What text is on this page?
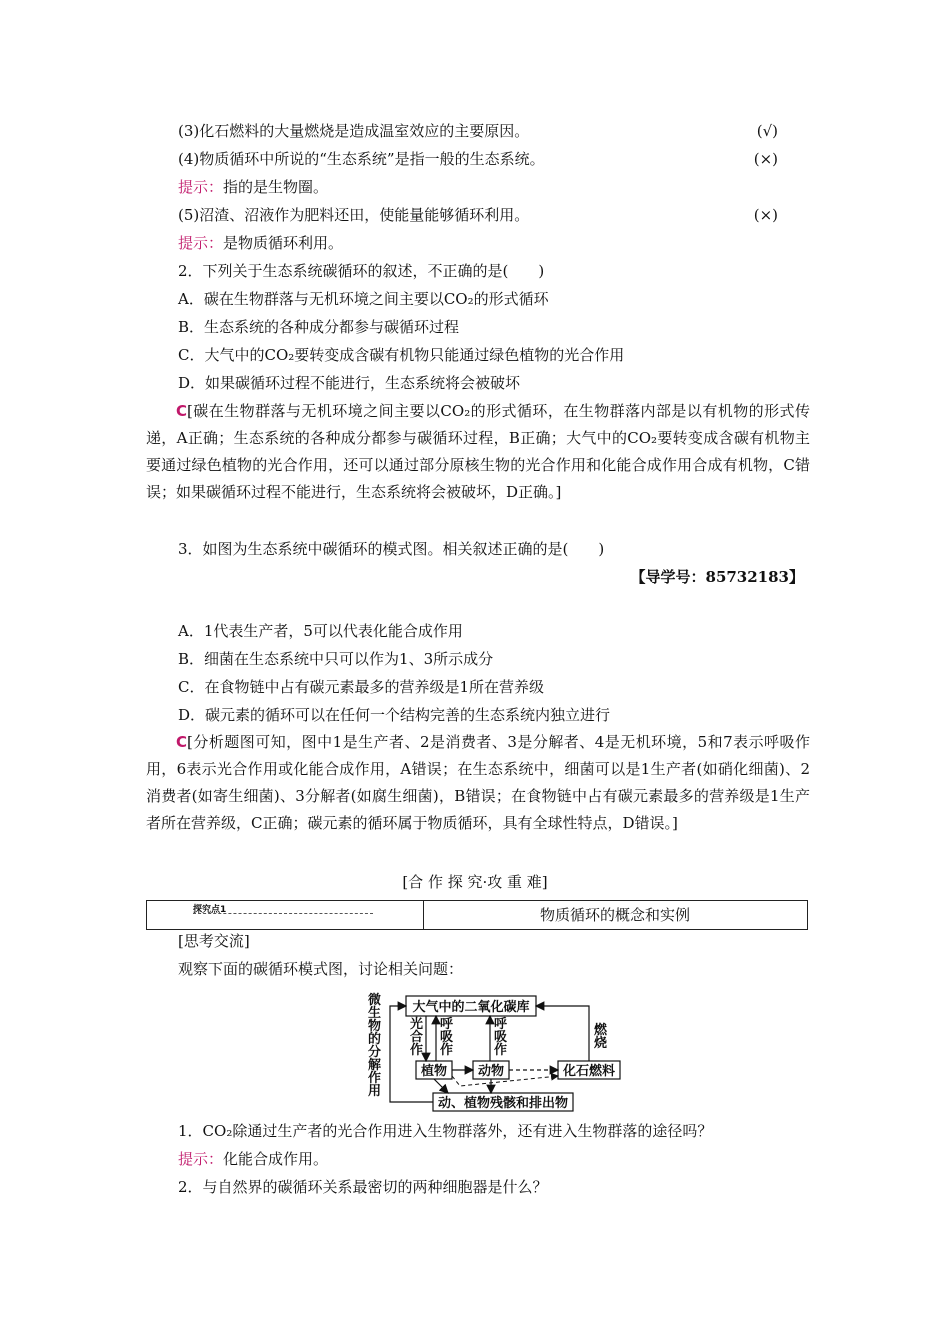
(3)化石燃料的大量燃烧是造成温室效应的主要原因。	(√)
(4)物质循环中所说的“生态系统”是指一般的生态系统。	(×)
提示：指的是生物圈。
(5)沼渣、沼液作为肥料还田，使能量能够循环利用。	(×)
提示：是物质循环利用。
2．下列关于生态系统碳循环的叙述，不正确的是(　　)
A．碳在生物群落与无机环境之间主要以CO₂的形式循环
B．生态系统的各种成分都参与碳循环过程
C．大气中的CO₂要转变成含碳有机物只能通过绿色植物的光合作用
D．如果碳循环过程不能进行，生态系统将会被破坏
C[碳在生物群落与无机环境之间主要以CO₂的形式循环，在生物群落内部是以有机物的形式传递，A正确；生态系统的各种成分都参与碳循环过程，B正确；大气中的CO₂要转变成含碳有机物主要通过绿色植物的光合作用，还可以通过部分原核生物的光合作用和化能合成作用合成有机物，C错误；如果碳循环过程不能进行，生态系统将会被破坏，D正确。]
3．如图为生态系统中碳循环的模式图。相关叙述正确的是(　　)
【导学号：85732183】
A．1代表生产者，5可以代表化能合成作用
B．细菌在生态系统中只可以作为1、3所示成分
C．在食物链中占有碳元素最多的营养级是1所在营养级
D．碳元素的循环可以在任何一个结构完善的生态系统内独立进行
C[分析题图可知，图中1是生产者、2是消费者、3是分解者、4是无机环境，5和7表示呼吸作用，6表示光合作用或化能合成作用，A错误；在生态系统中，细菌可以是1生产者(如硝化细菌)、2消费者(如寄生细菌)、3分解者(如腐生细菌)，B错误；在食物链中占有碳元素最多的营养级是1生产者所在营养级，C正确；碳元素的循环属于物质循环，具有全球性特点，D错误。]
[合 作 探 究·攻 重 难]
探究点1	物质循环的概念和实例
[思考交流]
观察下面的碳循环模式图，讨论相关问题：
大气中的二氧化碳库
植物 动物	化石燃料
动、植物残骸和排出物
微
生
物
的
分
解
作
用
光
合
作
呼
吸
作
呼
吸
作
燃
烧
1．CO₂除通过生产者的光合作用进入生物群落外，还有进入生物群落的途径吗？
提示：化能合成作用。
2．与自然界的碳循环关系最密切的两种细胞器是什么？
